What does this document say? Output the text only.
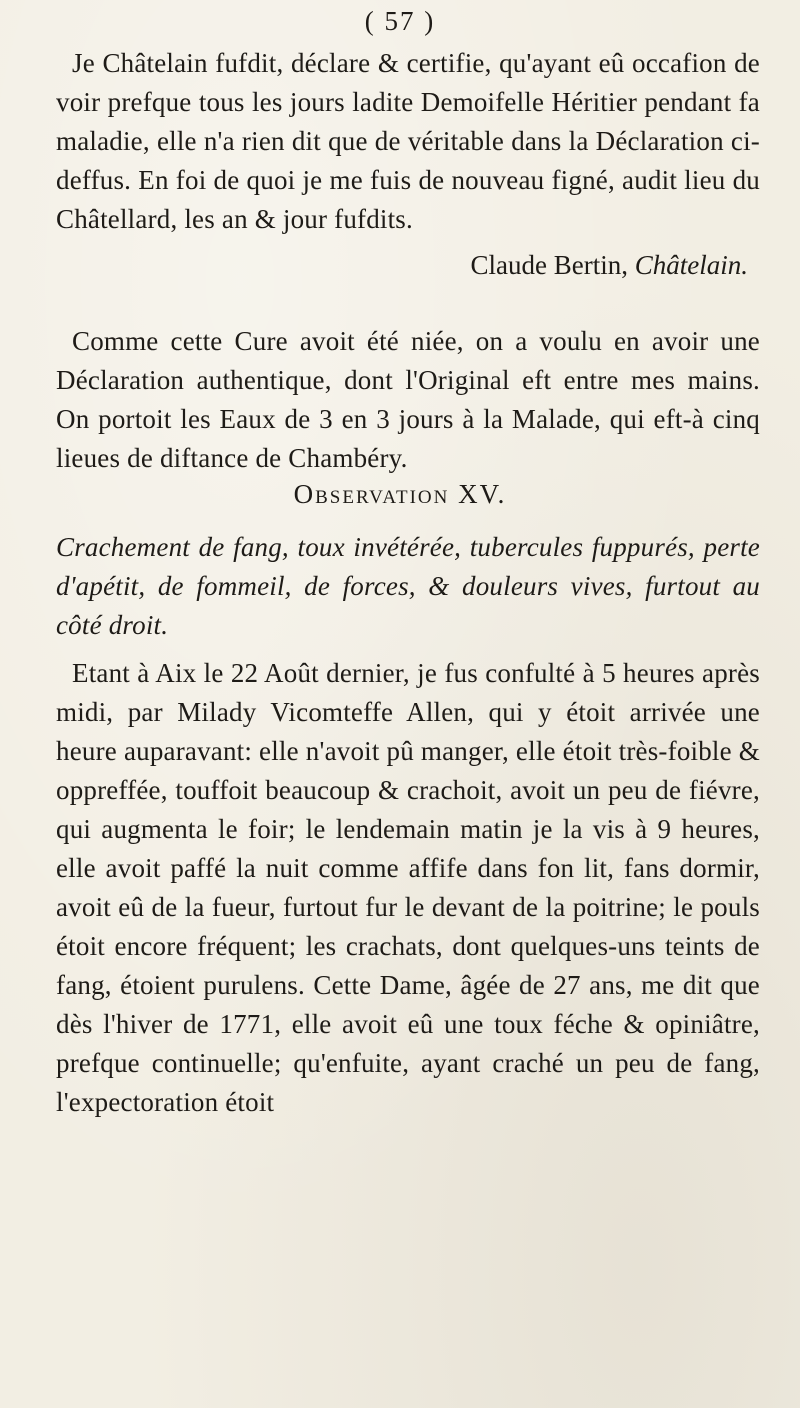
( 57 )

Je Châtelain fufdit, déclare & certifie, qu'ayant eû occafion de voir prefque tous les jours ladite Demoifelle Héritier pendant fa maladie, elle n'a rien dit que de véritable dans la Déclaration ci-deffus. En foi de quoi je me fuis de nouveau figné, audit lieu du Châtellard, les an & jour fufdits.

Claude Bertin, Châtelain.

Comme cette Cure avoit été niée, on a voulu en avoir une Déclaration authentique, dont l'Original eft entre mes mains. On portoit les Eaux de 3 en 3 jours à la Malade, qui eft-à cinq lieues de diftance de Chambéry.

Observation XV.

Crachement de fang, toux invétérée, tubercules fuppurés, perte d'apétit, de fommeil, de forces, & douleurs vives, furtout au côté droit.

Etant à Aix le 22 Août dernier, je fus confulté à 5 heures après midi, par Milady Vicomteffe Allen, qui y étoit arrivée une heure auparavant: elle n'avoit pû manger, elle étoit très-foible & oppreffée, touffoit beaucoup & crachoit, avoit un peu de fiévre, qui augmenta le foir; le lendemain matin je la vis à 9 heures, elle avoit paffé la nuit comme affife dans fon lit, fans dormir, avoit eû de la fueur, furtout fur le devant de la poitrine; le pouls étoit encore fréquent; les crachats, dont quelques-uns teints de fang, étoient purulens. Cette Dame, âgée de 27 ans, me dit que dès l'hiver de 1771, elle avoit eû une toux féche & opiniâtre, prefque continuelle; qu'enfuite, ayant craché un peu de fang, l'expectoration étoit
